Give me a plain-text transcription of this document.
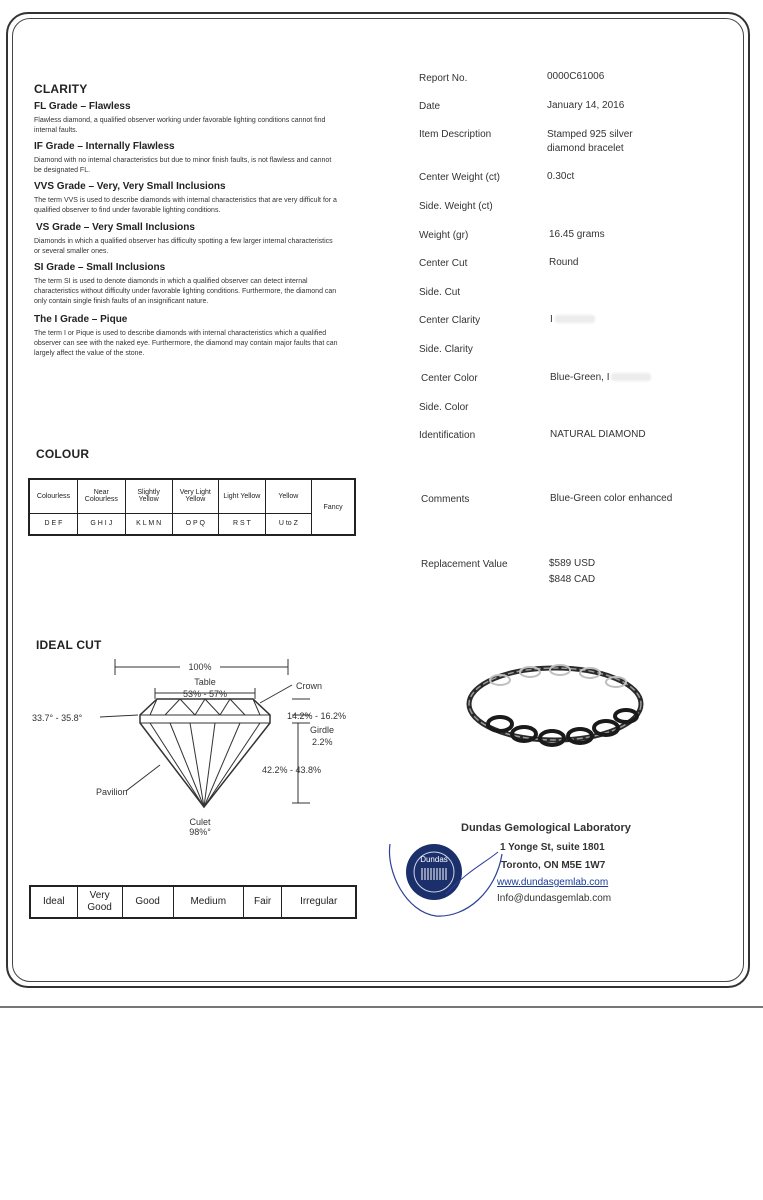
CLARITY
FL Grade – Flawless
Flawless diamond, a qualified observer working under favorable lighting conditions cannot find internal faults.
IF Grade – Internally Flawless
Diamond with no internal characteristics but due to minor finish faults, is not flawless and cannot be designated FL.
VVS Grade – Very, Very Small Inclusions
The term VVS is used to describe diamonds with internal characteristics that are very difficult for a qualified observer to find under favorable lighting conditions.
VS Grade – Very Small Inclusions
Diamonds in which a qualified observer has difficulty spotting a few larger internal characteristics or several smaller ones.
SI Grade – Small Inclusions
The term SI is used to denote diamonds in which a qualified observer can detect internal characteristics without difficulty under favorable lighting conditions. Furthermore, the diamond can only contain single finish faults of an insignificant nature.
The I Grade – Pique
The term I or Pique is used to describe diamonds with internal characteristics which a qualified observer can see with the naked eye. Furthermore, the diamond may contain major faults that can largely affect the value of the stone.
COLOUR
Colourless	Near Colourless	Slightly Yellow	Very Light Yellow	Light Yellow	Yellow	Fancy
D E F	G H I J	K L M N	O P Q	R S T	U to Z	
IDEAL CUT
100%
Table
53% - 57%
Crown
33.7° - 35.8°	14.2% - 16.2%
Girdle
2.2%
42.2% - 43.8%
Pavilion
Culet
98%°
Ideal	Very Good	Good	Medium	Fair	Irregular
Report No.	0000C61006
Date	January 14, 2016
Item Description	Stamped 925 silver diamond bracelet
Center Weight (ct)	0.30ct
Side. Weight (ct)
Weight (gr)	16.45 grams
Center Cut	Round
Side. Cut
Center Clarity	I
Side. Clarity
Center Color	Blue-Green, I
Side. Color
Identification	NATURAL DIAMOND
Comments	Blue-Green color enhanced
Replacement Value	$589 USD
$848 CAD
Dundas Gemological Laboratory
1 Yonge St, suite 1801
Toronto, ON M5E 1W7
www.dundasgemlab.com
Info@dundasgemlab.com
Dundas
